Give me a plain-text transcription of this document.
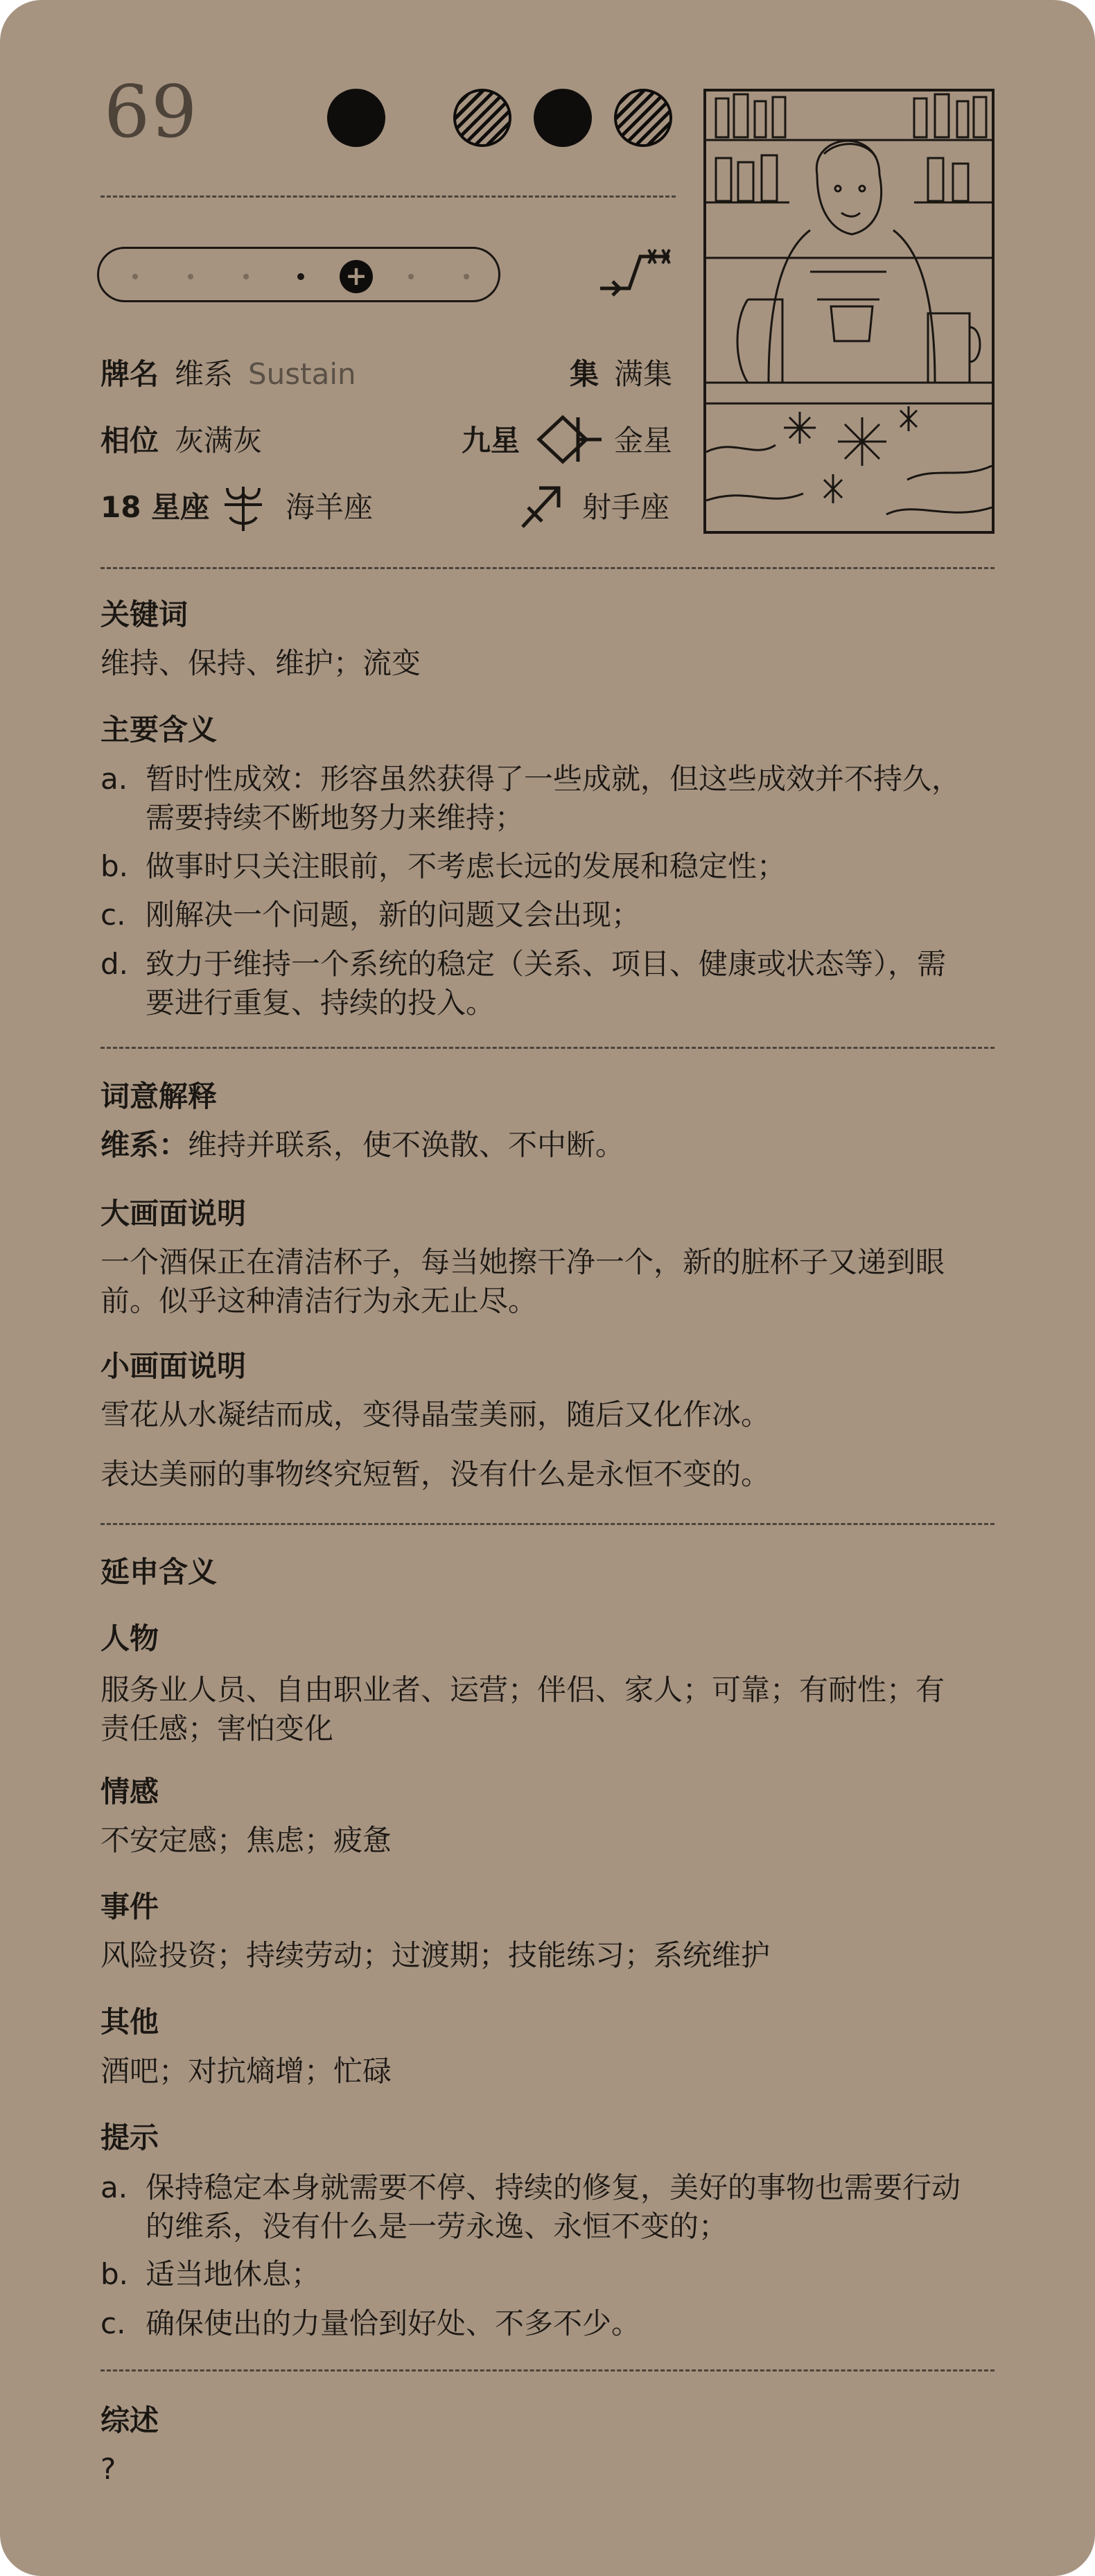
69
+
牌名 维系 Sustain	集 满集
相位 灰满灰	九星	金星
18 星座	海羊座	射手座
关键词
维持、保持、维护；流变
主要含义
a. 暂时性成效：形容虽然获得了一些成就，但这些成效并不持久，
需要持续不断地努力来维持；
b. 做事时只关注眼前，不考虑长远的发展和稳定性；
c. 刚解决一个问题，新的问题又会出现；
d. 致力于维持一个系统的稳定（关系、项目、健康或状态等），需
要进行重复、持续的投入。
词意解释
维系：维持并联系，使不涣散、不中断。
大画面说明
一个酒保正在清洁杯子，每当她擦干净一个，新的脏杯子又递到眼
前。似乎这种清洁行为永无止尽。
小画面说明
雪花从水凝结而成，变得晶莹美丽，随后又化作冰。
表达美丽的事物终究短暂，没有什么是永恒不变的。
延申含义
人物
服务业人员、自由职业者、运营；伴侣、家人；可靠；有耐性；有
责任感；害怕变化
情感
不安定感；焦虑；疲惫
事件
风险投资；持续劳动；过渡期；技能练习；系统维护
其他
酒吧；对抗熵增；忙碌
提示
a. 保持稳定本身就需要不停、持续的修复，美好的事物也需要行动
的维系，没有什么是一劳永逸、永恒不变的；
b. 适当地休息；
c. 确保使出的力量恰到好处、不多不少。
综述
?
